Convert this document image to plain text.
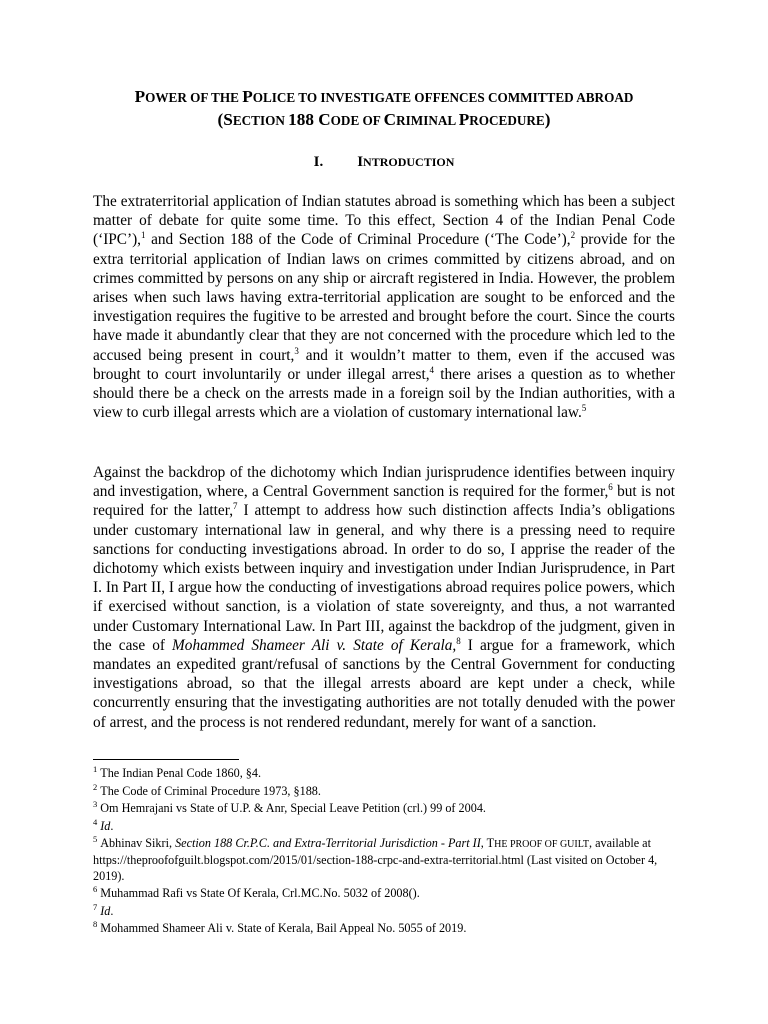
POWER OF THE POLICE TO INVESTIGATE OFFENCES COMMITTED ABROAD
(SECTION 188 CODE OF CRIMINAL PROCEDURE)
I. INTRODUCTION

The extraterritorial application of Indian statutes abroad is something which has been a subject matter of debate for quite some time. To this effect, Section 4 of the Indian Penal Code (‘IPC’),$^1$ and Section 188 of the Code of Criminal Procedure (‘The Code’),$^2$ provide for the extra territorial application of Indian laws on crimes committed by citizens abroad, and on crimes committed by persons on any ship or aircraft registered in India. However, the problem arises when such laws having extra-territorial application are sought to be enforced and the investigation requires the fugitive to be arrested and brought before the court. Since the courts have made it abundantly clear that they are not concerned with the procedure which led to the accused being present in court,$^3$ and it wouldn’t matter to them, even if the accused was brought to court involuntarily or under illegal arrest,$^4$ there arises a question as to whether should there be a check on the arrests made in a foreign soil by the Indian authorities, with a view to curb illegal arrests which are a violation of customary international law.$^5$

Against the backdrop of the dichotomy which Indian jurisprudence identifies between inquiry and investigation, where, a Central Government sanction is required for the former,$^6$ but is not required for the latter,$^7$ I attempt to address how such distinction affects India’s obligations under customary international law in general, and why there is a pressing need to require sanctions for conducting investigations abroad. In order to do so, I apprise the reader of the dichotomy which exists between inquiry and investigation under Indian Jurisprudence, in Part I. In Part II, I argue how the conducting of investigations abroad requires police powers, which if exercised without sanction, is a violation of state sovereignty, and thus, a not warranted under Customary International Law. In Part III, against the backdrop of the judgment, given in the case of Mohammed Shameer Ali v. State of Kerala,$^8$ I argue for a framework, which mandates an expedited grant/refusal of sanctions by the Central Government for conducting investigations abroad, so that the illegal arrests aboard are kept under a check, while concurrently ensuring that the investigating authorities are not totally denuded with the power of arrest, and the process is not rendered redundant, merely for want of a sanction.

$^1$ The Indian Penal Code 1860, §4.

$^2$ The Code of Criminal Procedure 1973, §188.

$^3$ Om Hemrajani vs State of U.P. & Anr, Special Leave Petition (crl.) 99 of 2004.

$^4$ Id.

$^5$ Abhinav Sikri, Section 188 Cr.P.C. and Extra-Territorial Jurisdiction - Part II, THE PROOF OF GUILT, available at https://theproofofguilt.blogspot.com/2015/01/section-188-crpc-and-extra-territorial.html (Last visited on October 4, 2019).

$^6$ Muhammad Rafi vs State Of Kerala, Crl.MC.No. 5032 of 2008().

$^7$ Id.

$^8$ Mohammed Shameer Ali v. State of Kerala, Bail Appeal No. 5055 of 2019.
